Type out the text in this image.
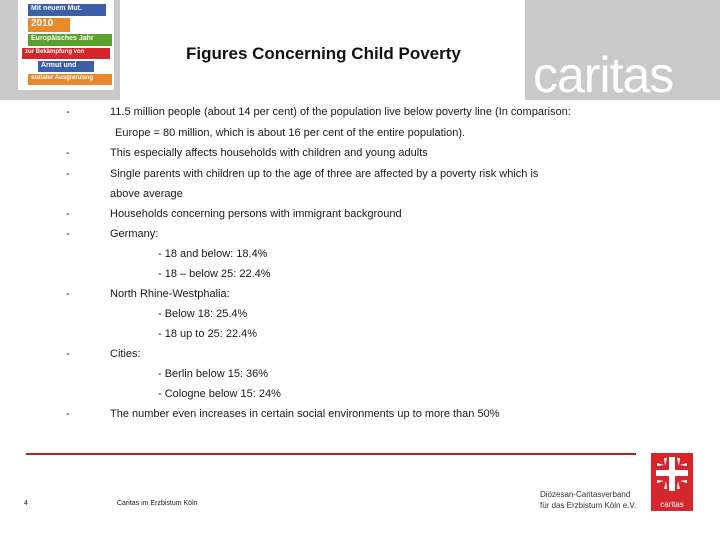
Mit neuem Mut.
2010
Europäisches Jahr
zur Bekämpfung von
Armut und
sozialer Ausgrenzung
Figures Concerning Child Poverty caritas
-	11.5 million people (about 14 per cent) of the population live below poverty line (In comparison:
Europe = 80 million, which is about 16 per cent of the entire population).
-	This especially affects households with children and young adults
-	Single parents with children up to the age of three are affected by a poverty risk which is
above average
-	Households concerning persons with immigrant background
-	Germany:
- 18 and below: 18.4%
- 18 – below 25: 22.4%
-	North Rhine-Westphalia:
- Below 18: 25.4%
- 18 up to 25: 22.4%
-	Cities:
- Berlin below 15: 36%
- Cologne below 15: 24%
-	The number even increases in certain social environments up to more than 50%
4	Caritas im Erzbistum Köln
Diözesan-Caritasverband
für das Erzbistum Köln e.V.	caritas
